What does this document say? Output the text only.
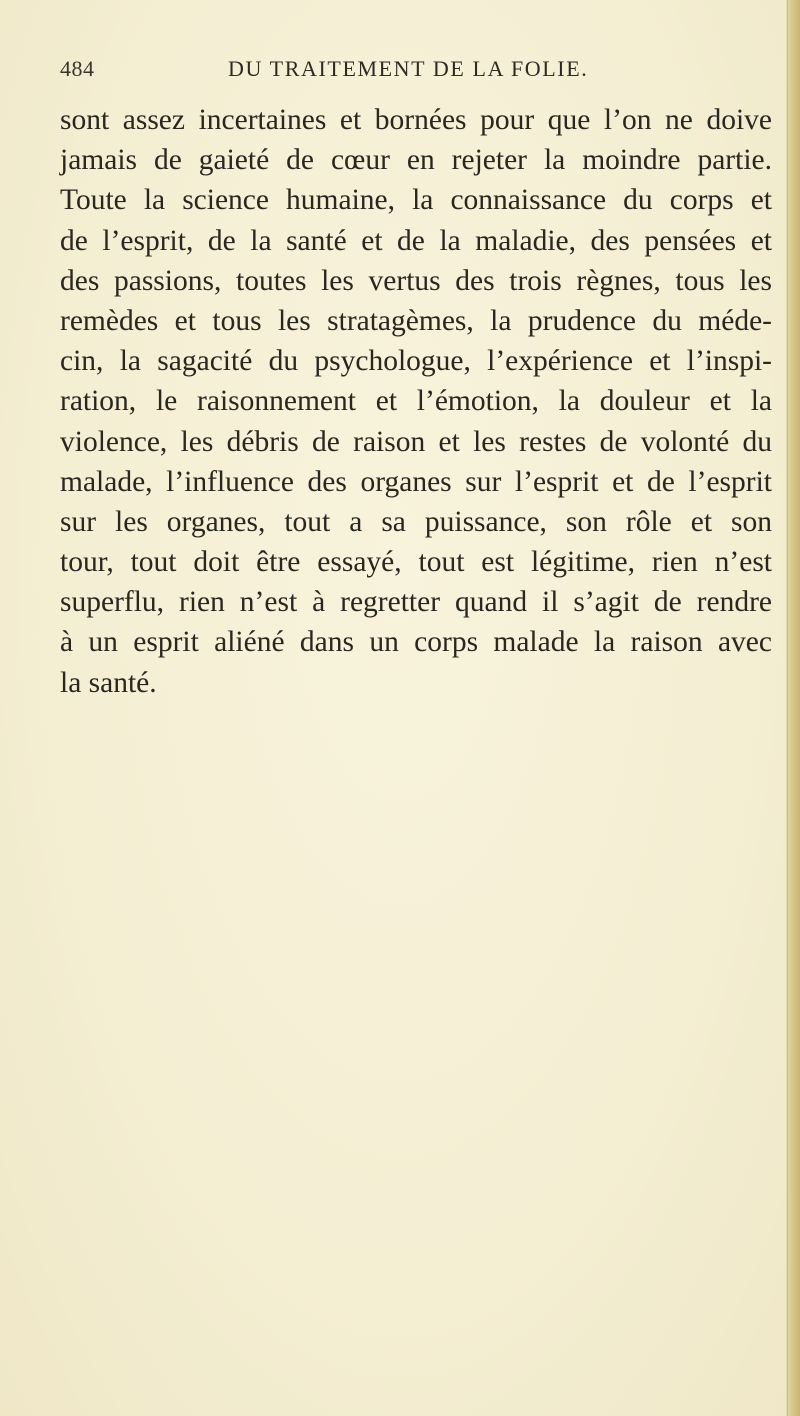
484	DU TRAITEMENT DE LA FOLIE.
sont assez incertaines et bornées pour que l’on ne doive
jamais de gaieté de cœur en rejeter la moindre partie.
Toute la science humaine, la connaissance du corps et
de l’esprit, de la santé et de la maladie, des pensées et
des passions, toutes les vertus des trois règnes, tous les
remèdes et tous les stratagèmes, la prudence du méde-
cin, la sagacité du psychologue, l’expérience et l’inspi-
ration, le raisonnement et l’émotion, la douleur et la
violence, les débris de raison et les restes de volonté du
malade, l’influence des organes sur l’esprit et de l’esprit
sur les organes, tout a sa puissance, son rôle et son
tour, tout doit être essayé, tout est légitime, rien n’est
superflu, rien n’est à regretter quand il s’agit de rendre
à un esprit aliéné dans un corps malade la raison avec
la santé.
